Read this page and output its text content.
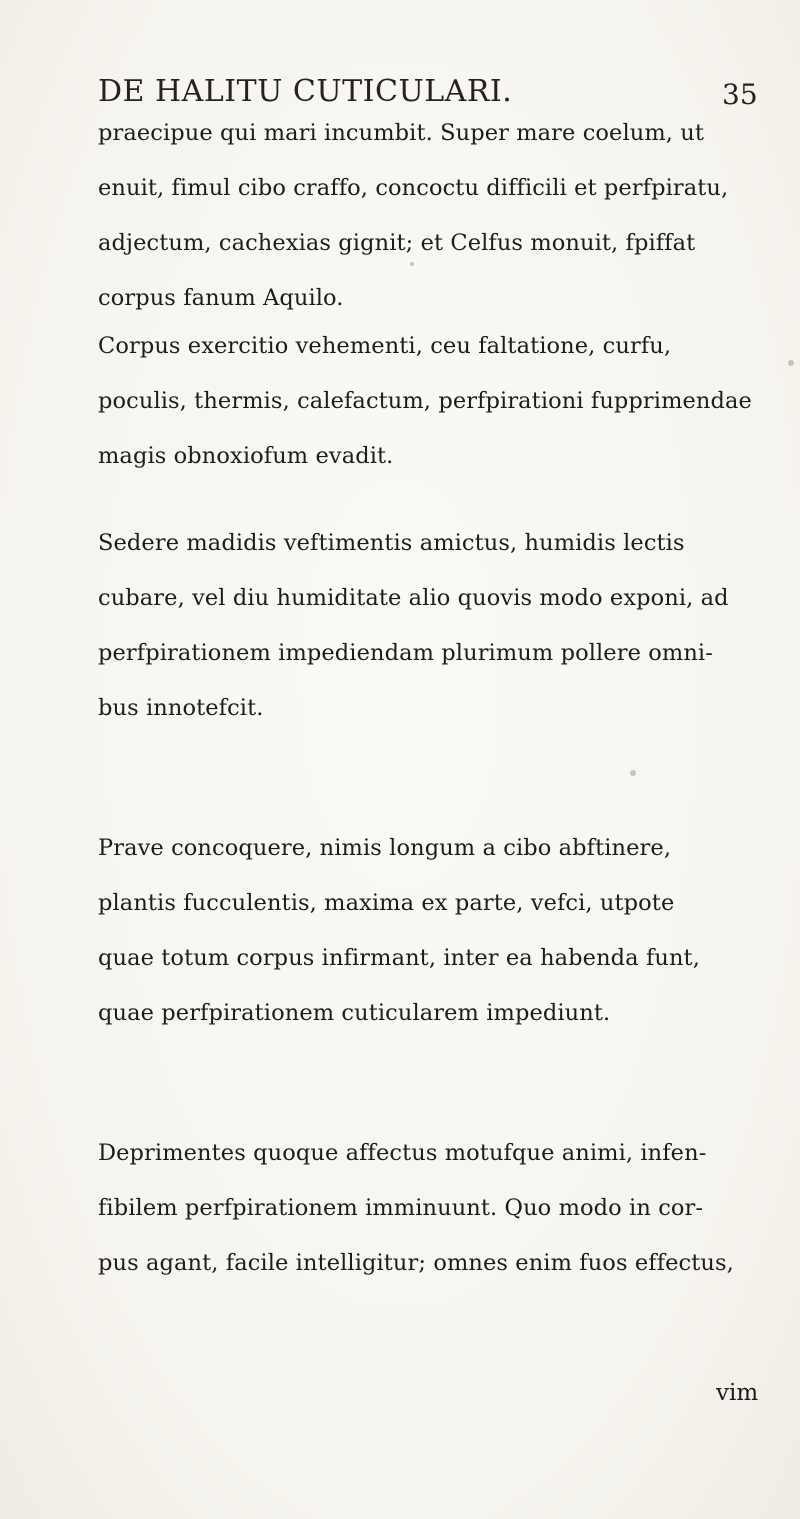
DE HALITU CUTICULARI.	35
praecipue qui mari incumbit. Super mare coelum, ut
enuit, fimul cibo craffo, concoctu difficili et perfpiratu,
adjectum, cachexias gignit; et Celfus monuit, fpiffat
corpus fanum Aquilo.
Corpus exercitio vehementi, ceu faltatione, curfu,
poculis, thermis, calefactum, perfpirationi fupprimendae
magis obnoxiofum evadit.
Sedere madidis veftimentis amictus, humidis lectis
cubare, vel diu humiditate alio quovis modo exponi, ad
perfpirationem impediendam plurimum pollere omni-
bus innotefcit.
Prave concoquere, nimis longum a cibo abftinere,
plantis fucculentis, maxima ex parte, vefci, utpote
quae totum corpus infirmant, inter ea habenda funt,
quae perfpirationem cuticularem impediunt.
Deprimentes quoque affectus motufque animi, infen-
fibilem perfpirationem imminuunt. Quo modo in cor-
pus agant, facile intelligitur; omnes enim fuos effectus,
vim
